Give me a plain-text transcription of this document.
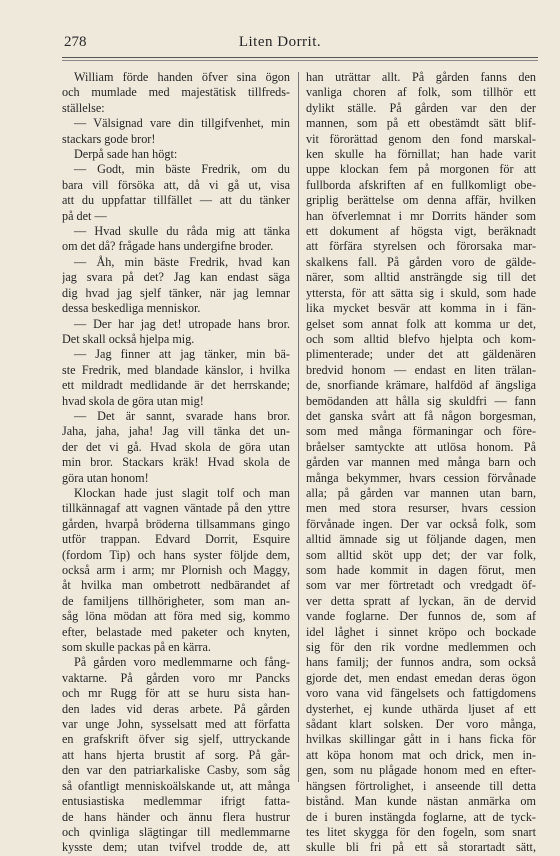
278	Liten Dorrit.
William förde handen öfver sina ögon
och mumlade med majestätisk tillfreds-
ställelse:
— Välsignad vare din tillgifvenhet, min
stackars gode bror!
Derpå sade han högt:
— Godt, min bäste Fredrik, om du
bara vill försöka att, då vi gå ut, visa
att du uppfattar tillfället — att du tänker
på det —
— Hvad skulle du råda mig att tänka
om det då? frågade hans undergifne broder.
— Åh, min bäste Fredrik, hvad kan
jag svara på det? Jag kan endast säga
dig hvad jag sjelf tänker, när jag lemnar
dessa beskedliga menniskor.
— Der har jag det! utropade hans bror.
Det skall också hjelpa mig.
— Jag finner att jag tänker, min bä-
ste Fredrik, med blandade känslor, i hvilka
ett mildradt medlidande är det herrskande;
hvad skola de göra utan mig!
— Det är sannt, svarade hans bror.
Jaha, jaha, jaha! Jag vill tänka det un-
der det vi gå. Hvad skola de göra utan
min bror. Stackars kräk! Hvad skola de
göra utan honom!
Klockan hade just slagit tolf och man
tillkännagaf att vagnen väntade på den yttre
gården, hvarpå bröderna tillsammans gingo
utför trappan. Edvard Dorrit, Esquire
(fordom Tip) och hans syster följde dem,
också arm i arm; mr Plornish och Maggy,
åt hvilka man ombetrott nedbärandet af
de familjens tillhörigheter, som man an-
såg löna mödan att föra med sig, kommo
efter, belastade med paketer och knyten,
som skulle packas på en kärra.
På gården voro medlemmarne och fång-
vaktarne. På gården voro mr Pancks
och mr Rugg för att se huru sista han-
den lades vid deras arbete. På gården
var unge John, sysselsatt med att författa
en grafskrift öfver sig sjelf, uttryckande
att hans hjerta brustit af sorg. På går-
den var den patriarkaliske Casby, som såg
så ofantligt menniskoälskande ut, att många
entusiastiska medlemmar ifrigt fatta-
de hans händer och ännu flera hustrur
och qvinliga slägtingar till medlemmarne
kysste dem; utan tvifvel trodde de, att
han uträttar allt. På gården fanns den
vanliga choren af folk, som tillhör ett
dylikt ställe. På gården var den der
mannen, som på ett obestämdt sätt blif-
vit förorättad genom den fond marskal-
ken skulle ha förnillat; han hade varit
uppe klockan fem på morgonen för att
fullborda afskriften af en fullkomligt obe-
griplig berättelse om denna affär, hvilken
han öfverlemnat i mr Dorrits händer som
ett dokument af högsta vigt, beräknadt
att förfära styrelsen och förorsaka mar-
skalkens fall. På gården voro de gälde-
närer, som alltid ansträngde sig till det
yttersta, för att sätta sig i skuld, som hade
lika mycket besvär att komma in i fän-
gelset som annat folk att komma ur det,
och som alltid blefvo hjelpta och kom-
plimenterade; under det att gäldenären
bredvid honom — endast en liten trälan-
de, snorfiande krämare, halfdöd af ängsliga
bemödanden att hålla sig skuldfri — fann
det ganska svårt att få någon borgesman,
som med många förmaningar och före-
bråelser samtyckte att utlösa honom. På
gården var mannen med många barn och
många bekymmer, hvars cession förvånade
alla; på gården var mannen utan barn,
men med stora resurser, hvars cession
förvånade ingen. Der var också folk, som
alltid ämnade sig ut följande dagen, men
som alltid sköt upp det; der var folk,
som hade kommit in dagen förut, men
som var mer förtretadt och vredgadt öf-
ver detta spratt af lyckan, än de dervid
vande foglarne. Der funnos de, som af
idel låghet i sinnet kröpo och bockade
sig för den rik vordne medlemmen och
hans familj; der funnos andra, som också
gjorde det, men endast emedan deras ögon
voro vana vid fängelsets och fattigdomens
dysterhet, ej kunde uthärda ljuset af ett
sådant klart solsken. Der voro många,
hvilkas skillingar gått in i hans ficka för
att köpa honom mat och drick, men in-
gen, som nu plågade honom med en efter-
hängsen förtrolighet, i anseende till detta
bistånd. Man kunde nästan anmärka om
de i buren instängda foglarne, att de tyck-
tes litet skygga för den fogeln, som snart
skulle bli fri på ett så storartadt sätt,
